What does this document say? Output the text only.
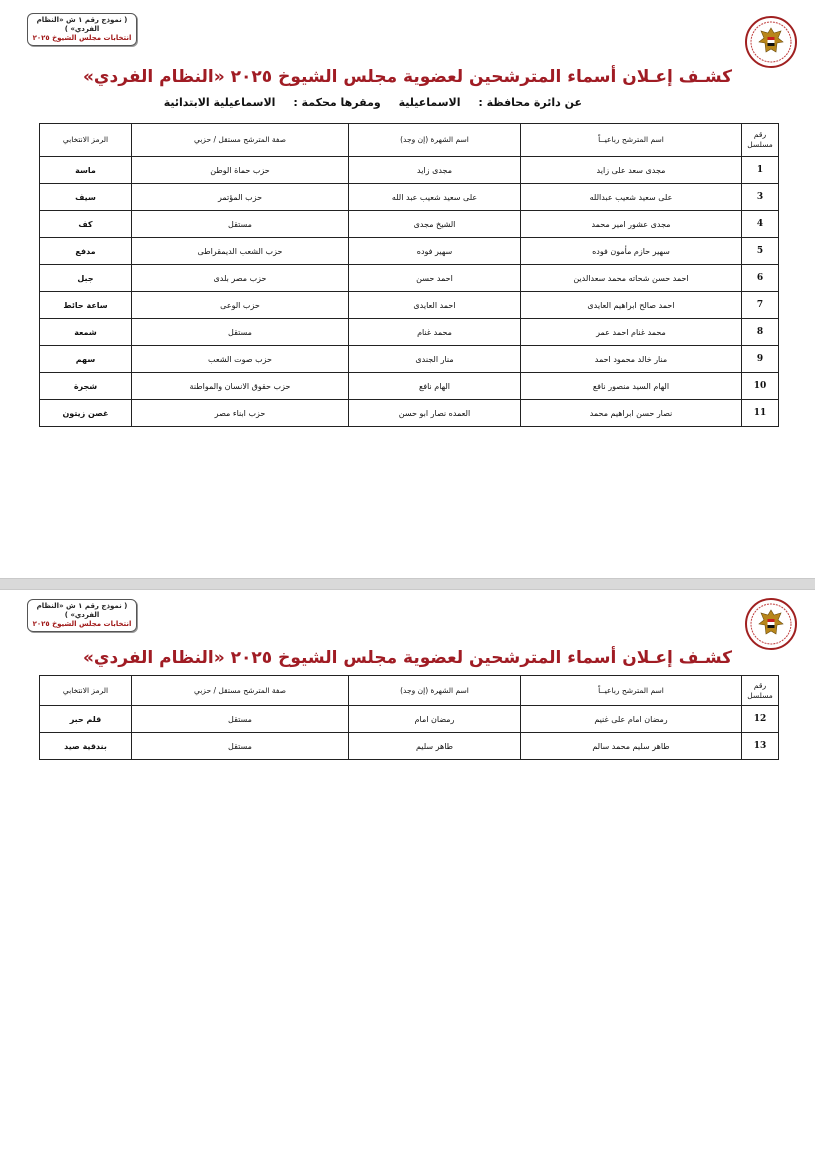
( نموذج رقم ١ ش «النظام الفردي» )
انتخابات مجلس الشيوخ ٢٠٢٥
كشـف إعـلان أسماء المترشحين لعضوية مجلس الشيوخ ٢٠٢٥ «النظام الفردي»
عن دائرة محافظة : الاسماعيلية ومقرها محكمة : الاسماعيلية الابتدائية
رقم مسلسل	اسم المترشح رباعيــاً	اسم الشهرة (إن وجد)	صفة المترشح مستقل / حزبي	الرمز الانتخابي
1	مجدى سعد على زايد	مجدى زايد	حزب حماة الوطن	ماسة
3	على سعيد شعيب عبدالله	على سعيد شعيب عبد الله	حزب المؤتمر	سيف
4	مجدى عشور امير محمد	الشيخ مجدى	مستقل	كف
5	سهير حازم مأمون فوده	سهير فوده	حزب الشعب الديمقراطى	مدفع
6	احمد حسن شحاته محمد سعدالدين	احمد حسن	حزب مصر بلدى	جبل
7	احمد صالح ابراهيم العايدى	احمد العايدى	حزب الوعى	ساعة حائط
8	محمد غنام احمد عمر	محمد غنام	مستقل	شمعة
9	منار خالد محمود احمد	منار الجندى	حزب صوت الشعب	سهم
10	الهام السيد منصور نافع	الهام نافع	حزب حقوق الانسان والمواطنة	شجرة
11	نصار حسن ابراهيم محمد	العمده نصار ابو حسن	حزب ابناء مصر	غصن زيتون
( نموذج رقم ١ ش «النظام الفردي» )
انتخابات مجلس الشيوخ ٢٠٢٥
كشـف إعـلان أسماء المترشحين لعضوية مجلس الشيوخ ٢٠٢٥ «النظام الفردي»
رقم مسلسل	اسم المترشح رباعيــاً	اسم الشهرة (إن وجد)	صفة المترشح مستقل / حزبي	الرمز الانتخابي
12	رمضان امام على غنيم	رمضان امام	مستقل	قلم حبر
13	طاهر سليم محمد سالم	طاهر سليم	مستقل	بندقية صيد
